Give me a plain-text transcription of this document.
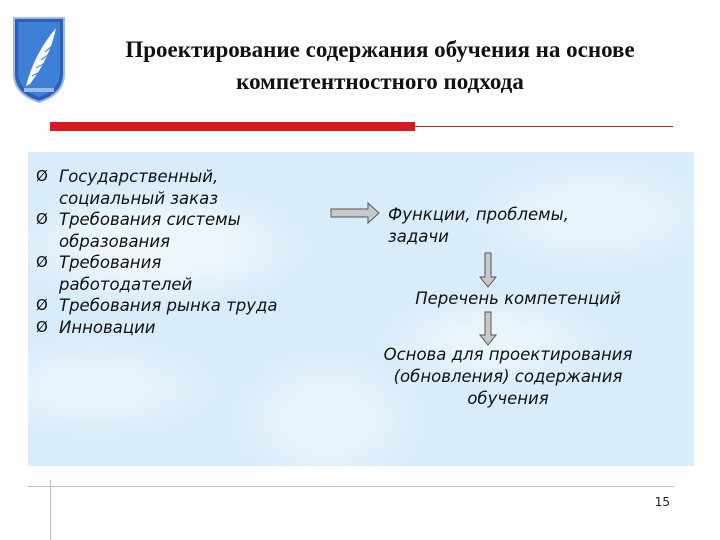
Проектирование содержания обучения на основе компетентностного подхода
Ø Государственный, социальный заказ
Ø Требования системы образования
Ø Требования работодателей
Ø Требования рынка труда
Ø Инновации
Функции, проблемы, задачи
Перечень компетенций
Основа для проектирования (обновления) содержания обучения
15
